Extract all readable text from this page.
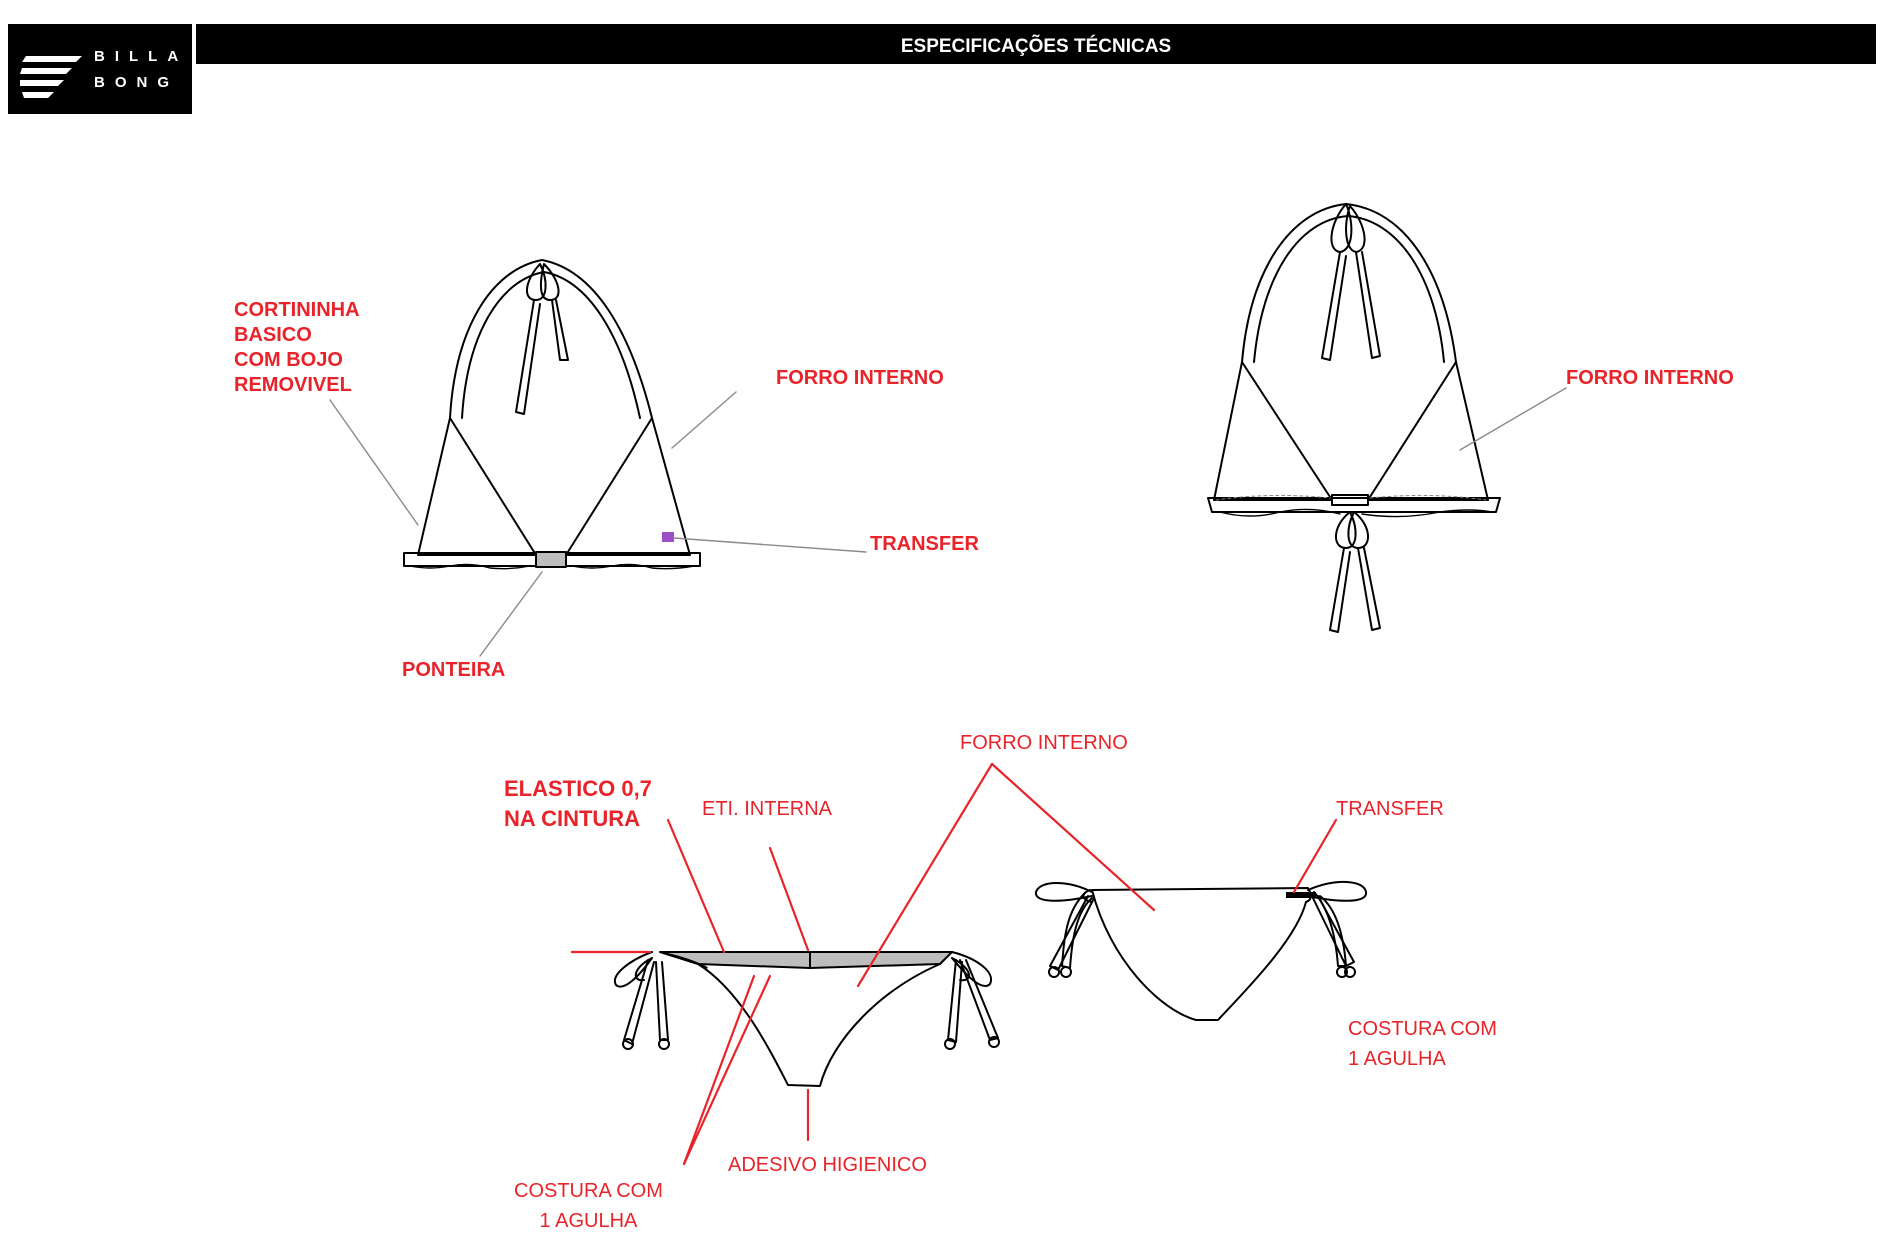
BILLA
BONG
ESPECIFICAÇÕES TÉCNICAS
CORTININHA
BASICO
COM BOJO
REMOVIVEL	FORRO INTERNO
TRANSFER
PONTEIRA
FORRO INTERNO
ELASTICO 0,7
NA CINTURA	ETI. INTERNA
FORRO INTERNO
ADESIVO HIGIENICO
COSTURA COM
1 AGULHA
TRANSFER
COSTURA COM
1 AGULHA
